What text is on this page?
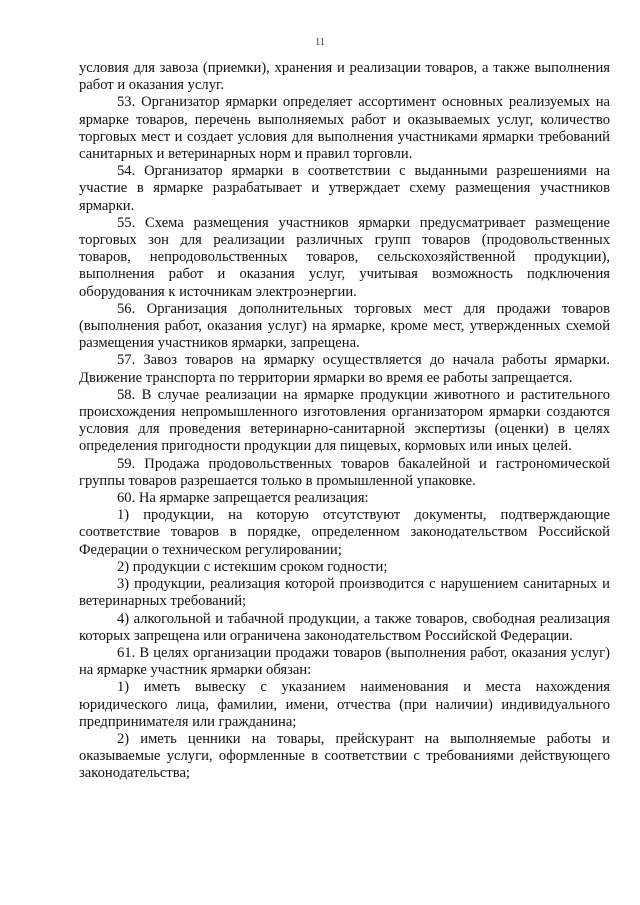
11

условия для завоза (приемки), хранения и реализации товаров, а также выполнения работ и оказания услуг.

53. Организатор ярмарки определяет ассортимент основных реализуемых на ярмарке товаров, перечень выполняемых работ и оказываемых услуг, количество торговых мест и создает условия для выполнения участниками ярмарки требований санитарных и ветеринарных норм и правил торговли.

54. Организатор ярмарки в соответствии с выданными разрешениями на участие в ярмарке разрабатывает и утверждает схему размещения участников ярмарки.

55. Схема размещения участников ярмарки предусматривает размещение торговых зон для реализации различных групп товаров (продовольственных товаров, непродовольственных товаров, сельскохозяйственной продукции), выполнения работ и оказания услуг, учитывая возможность подключения оборудования к источникам электроэнергии.

56. Организация дополнительных торговых мест для продажи товаров (выполнения работ, оказания услуг) на ярмарке, кроме мест, утвержденных схемой размещения участников ярмарки, запрещена.

57. Завоз товаров на ярмарку осуществляется до начала работы ярмарки. Движение транспорта по территории ярмарки во время ее работы запрещается.

58. В случае реализации на ярмарке продукции животного и растительного происхождения непромышленного изготовления организатором ярмарки создаются условия для проведения ветеринарно-санитарной экспертизы (оценки) в целях определения пригодности продукции для пищевых, кормовых или иных целей.

59. Продажа продовольственных товаров бакалейной и гастрономической группы товаров разрешается только в промышленной упаковке.

60. На ярмарке запрещается реализация:

1) продукции, на которую отсутствуют документы, подтверждающие соответствие товаров в порядке, определенном законодательством Российской Федерации о техническом регулировании;

2) продукции с истекшим сроком годности;

3) продукции, реализация которой производится с нарушением санитарных и ветеринарных требований;

4) алкогольной и табачной продукции, а также товаров, свободная реализация которых запрещена или ограничена законодательством Российской Федерации.

61. В целях организации продажи товаров (выполнения работ, оказания услуг) на ярмарке участник ярмарки обязан:

1) иметь вывеску с указанием наименования и места нахождения юридического лица, фамилии, имени, отчества (при наличии) индивидуального предпринимателя или гражданина;

2) иметь ценники на товары, прейскурант на выполняемые работы и оказываемые услуги, оформленные в соответствии с требованиями действующего законодательства;
